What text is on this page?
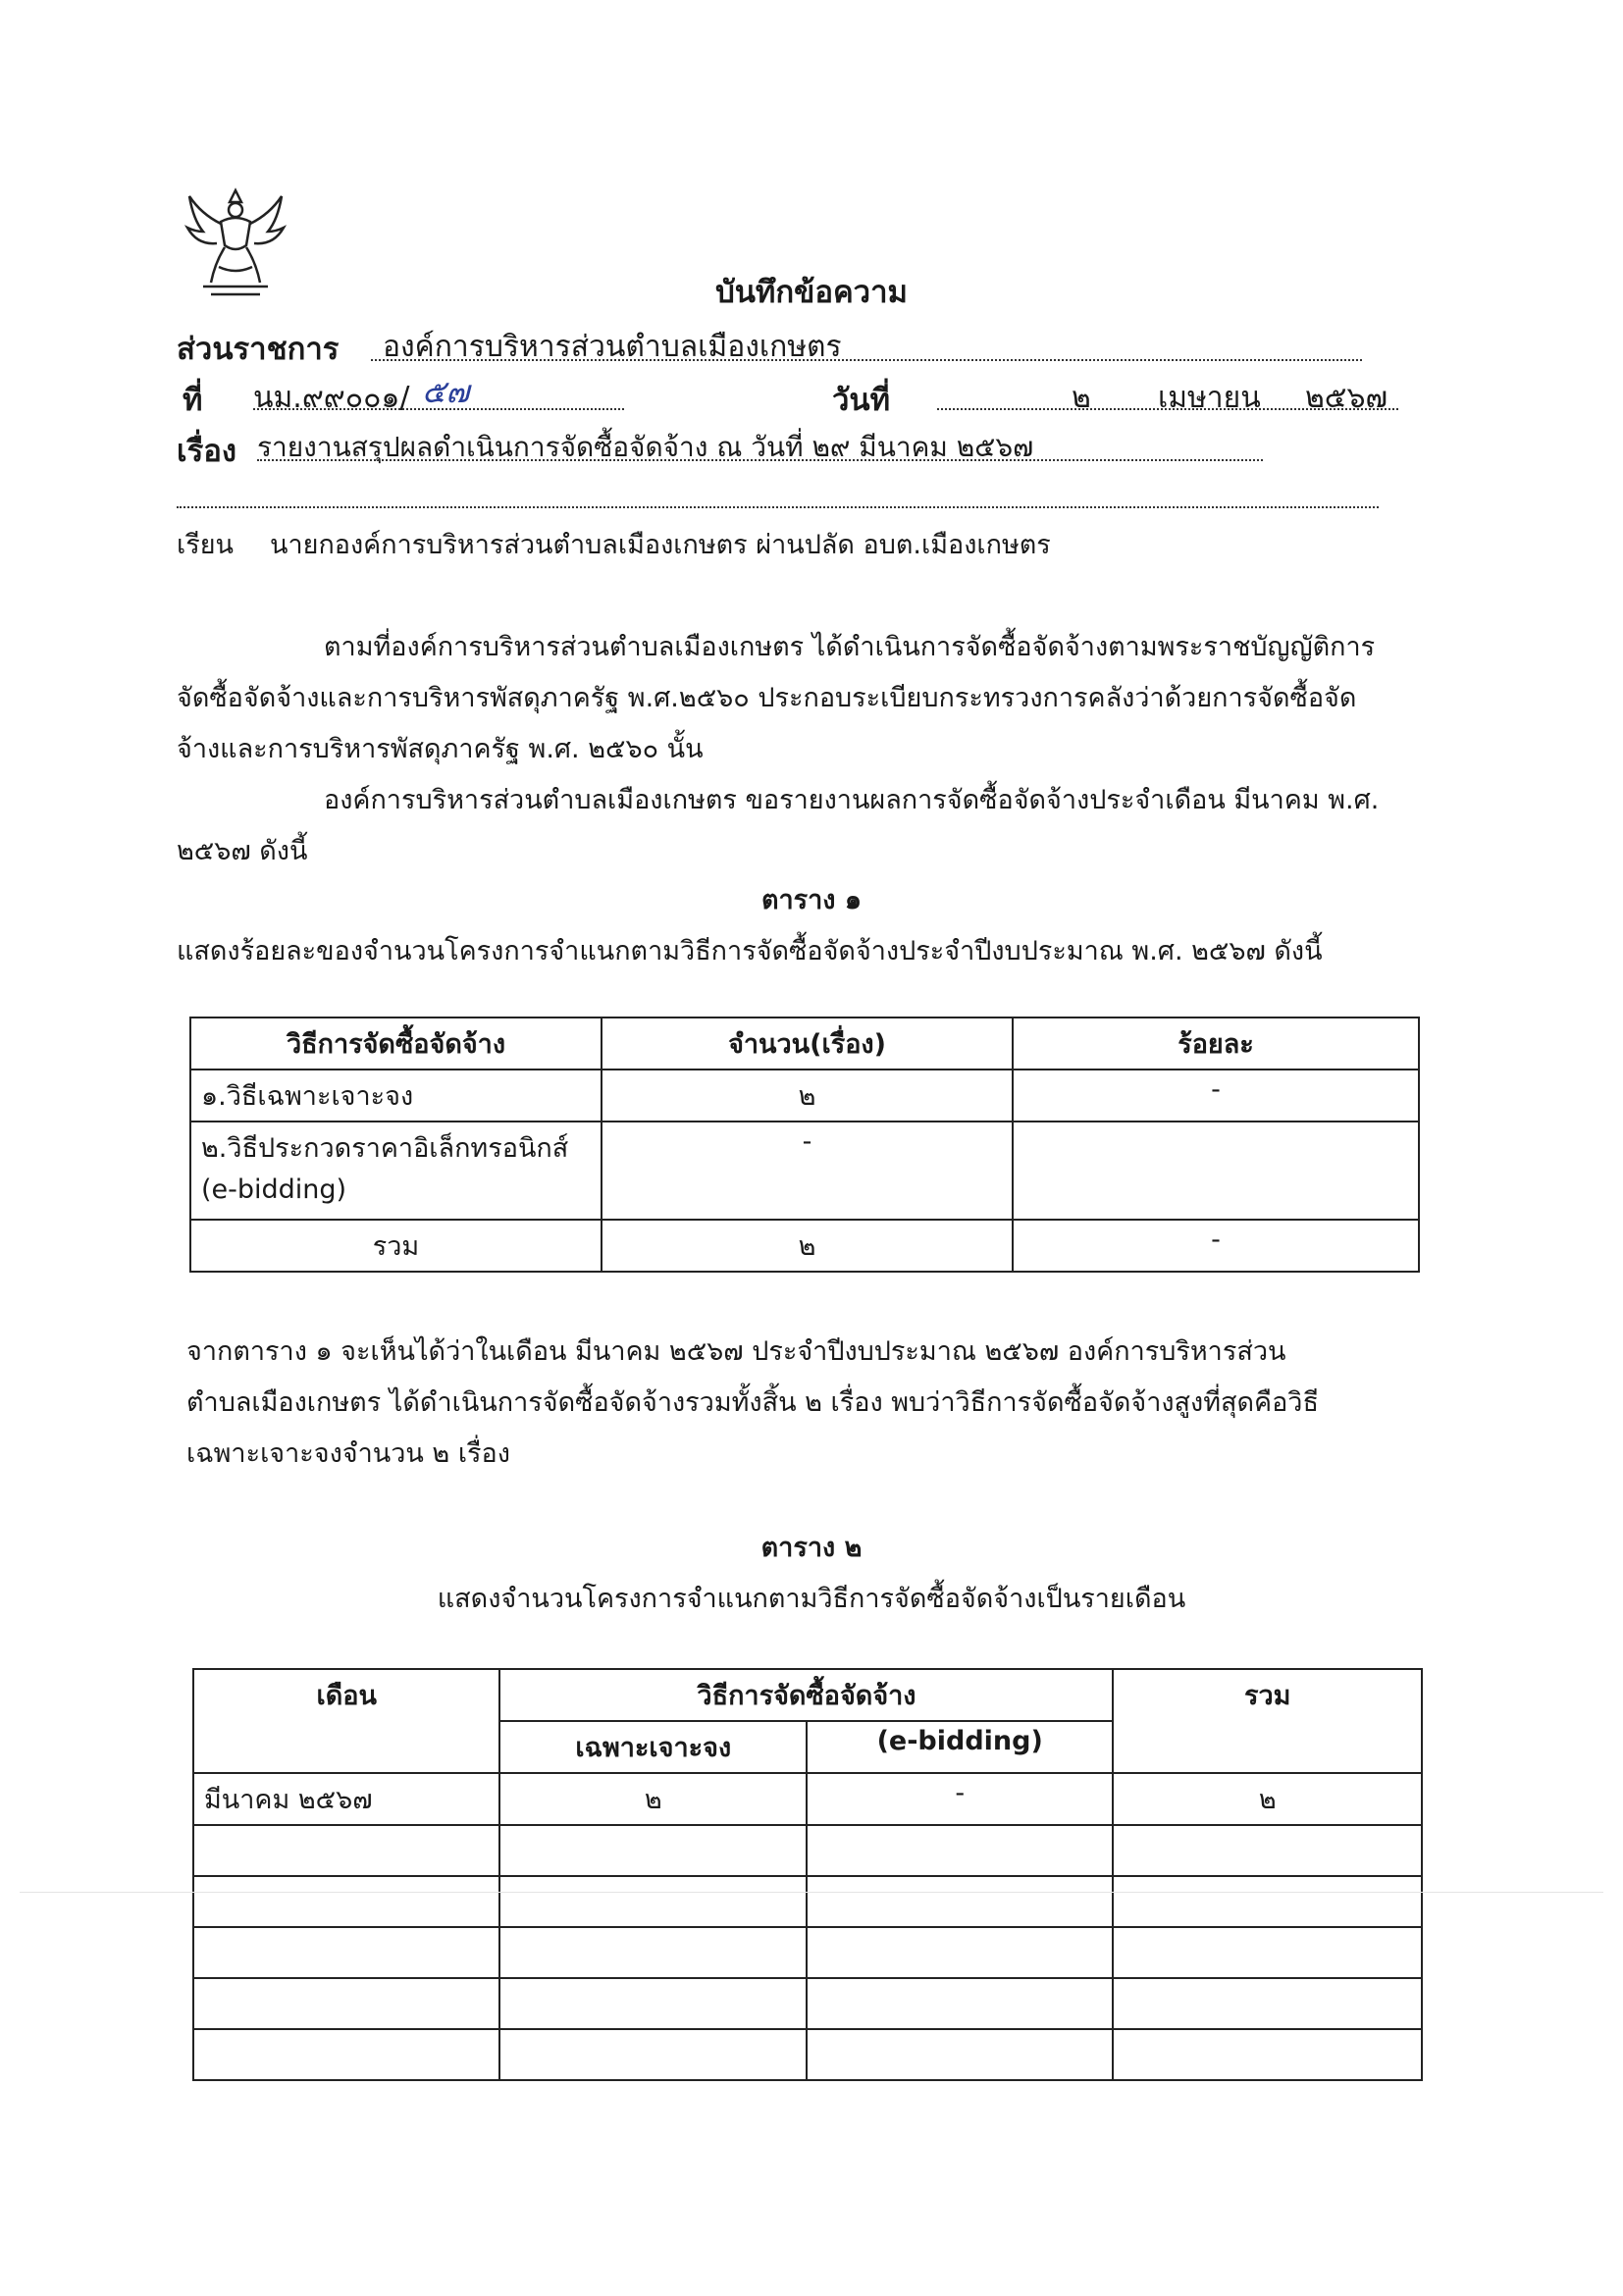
บันทึกข้อความ
ส่วนราชการ องค์การบริหารส่วนตำบลเมืองเกษตร
ที่ นม.๙๙๐๐๑/ ๕๗	วันที่	๒ เมษายน ๒๕๖๗
เรื่อง รายงานสรุปผลดำเนินการจัดซื้อจัดจ้าง ณ วันที่ ๒๙ มีนาคม ๒๕๖๗
เรียน นายกองค์การบริหารส่วนตำบลเมืองเกษตร ผ่านปลัด อบต.เมืองเกษตร
ตามที่องค์การบริหารส่วนตำบลเมืองเกษตร ได้ดำเนินการจัดซื้อจัดจ้างตามพระราชบัญญัติการ
จัดซื้อจัดจ้างและการบริหารพัสดุภาครัฐ พ.ศ.๒๕๖๐ ประกอบระเบียบกระทรวงการคลังว่าด้วยการจัดซื้อจัด
จ้างและการบริหารพัสดุภาครัฐ พ.ศ. ๒๕๖๐ นั้น
องค์การบริหารส่วนตำบลเมืองเกษตร ขอรายงานผลการจัดซื้อจัดจ้างประจำเดือน มีนาคม พ.ศ.
๒๕๖๗ ดังนี้
ตาราง ๑
แสดงร้อยละของจำนวนโครงการจำแนกตามวิธีการจัดซื้อจัดจ้างประจำปีงบประมาณ พ.ศ. ๒๕๖๗ ดังนี้
วิธีการจัดซื้อจัดจ้าง	จำนวน(เรื่อง)	ร้อยละ
๑.วิธีเฉพาะเจาะจง	๒	-

๒.วิธีประกวดราคาอิเล็กทรอนิกส์
(e-bidding)	-	
รวม	๒	-
จากตาราง ๑ จะเห็นได้ว่าในเดือน มีนาคม ๒๕๖๗ ประจำปีงบประมาณ ๒๕๖๗ องค์การบริหารส่วน
ตำบลเมืองเกษตร ได้ดำเนินการจัดซื้อจัดจ้างรวมทั้งสิ้น ๒ เรื่อง พบว่าวิธีการจัดซื้อจัดจ้างสูงที่สุดคือวิธี
เฉพาะเจาะจงจำนวน ๒ เรื่อง
ตาราง ๒
แสดงจำนวนโครงการจำแนกตามวิธีการจัดซื้อจัดจ้างเป็นรายเดือน
เดือน	วิธีการจัดซื้อจัดจ้าง		รวม
	เฉพาะเจาะจง	(e-bidding)	
มีนาคม ๒๕๖๗	๒	-	๒
